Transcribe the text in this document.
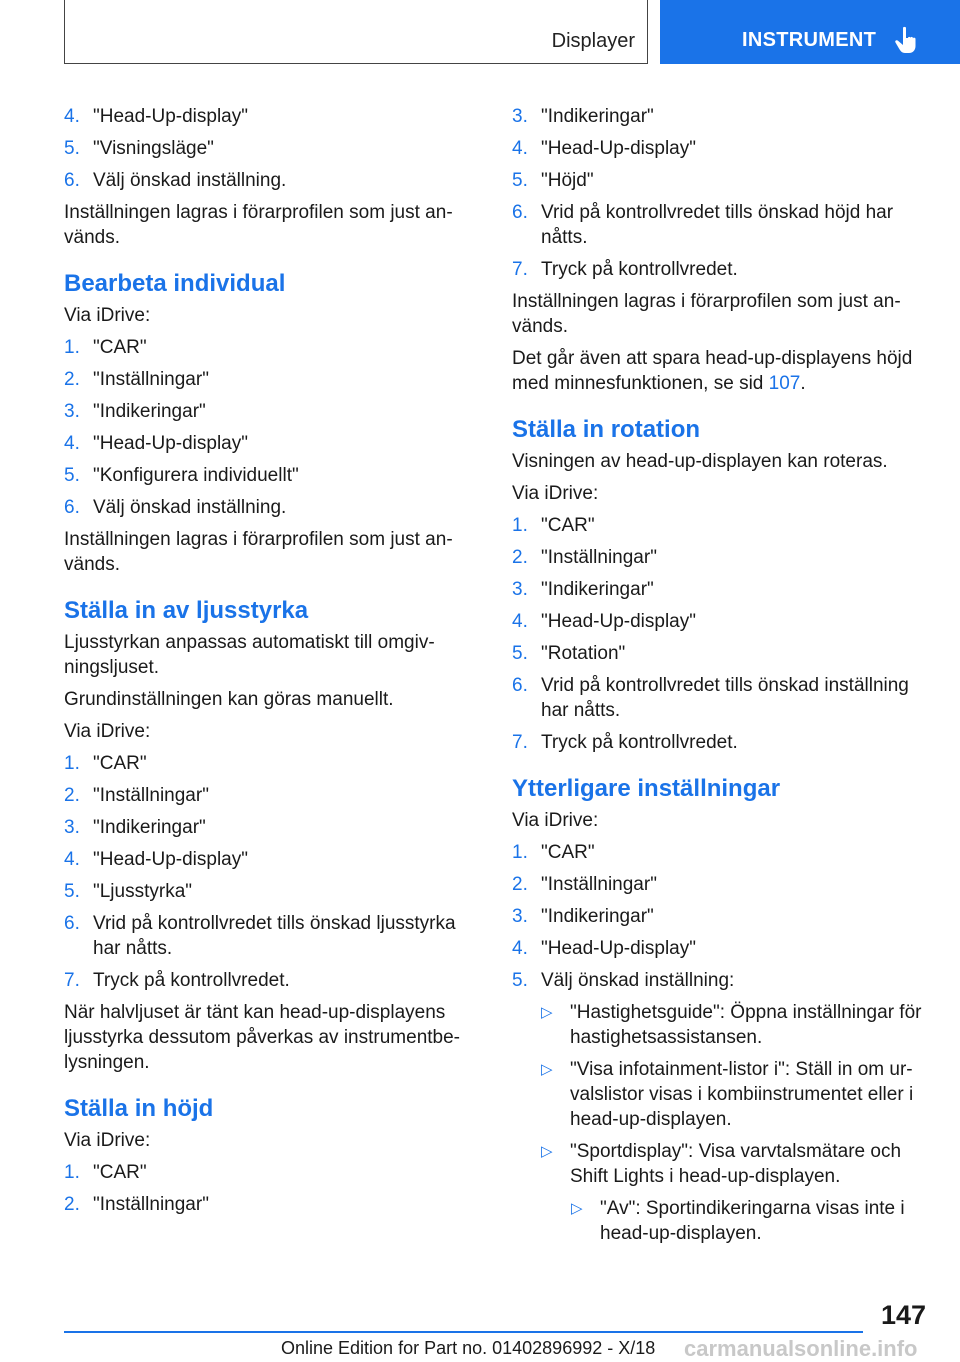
Displayer	INSTRUMENT
4. "Head-Up-display"
5. "Visningsläge"
6. Välj önskad inställning.

Inställningen lagras i förarprofilen som just används.

Bearbeta individual

Via iDrive:

1. "CAR"
2. "Inställningar"
3. "Indikeringar"
4. "Head-Up-display"
5. "Konfigurera individuellt"
6. Välj önskad inställning.

Inställningen lagras i förarprofilen som just används.

Ställa in av ljusstyrka

Ljusstyrkan anpassas automatiskt till omgivningsljuset.

Grundinställningen kan göras manuellt.

Via iDrive:

1. "CAR"
2. "Inställningar"
3. "Indikeringar"
4. "Head-Up-display"
5. "Ljusstyrka"
6. Vrid på kontrollvredet tills önskad ljusstyrka har nåtts.
7. Tryck på kontrollvredet.

När halvljuset är tänt kan head-up-displayens ljusstyrka dessutom påverkas av instrumentbelysningen.

Ställa in höjd

Via iDrive:

1. "CAR"
2. "Inställningar"
3. "Indikeringar"
4. "Head-Up-display"
5. "Höjd"
6. Vrid på kontrollvredet tills önskad höjd har nåtts.
7. Tryck på kontrollvredet.

Inställningen lagras i förarprofilen som just används.

Det går även att spara head-up-displayens höjd med minnesfunktionen, se sid 107.

Ställa in rotation

Visningen av head-up-displayen kan roteras.

Via iDrive:

1. "CAR"
2. "Inställningar"
3. "Indikeringar"
4. "Head-Up-display"
5. "Rotation"
6. Vrid på kontrollvredet tills önskad inställning har nåtts.
7. Tryck på kontrollvredet.
Ytterligare inställningar

Via iDrive:

1. "CAR"
2. "Inställningar"
3. "Indikeringar"
4. "Head-Up-display"
5. Välj önskad inställning:
▷ "Hastighetsguide": Öppna inställningar för hastighetsassistansen.
▷ "Visa infotainment-listor i": Ställ in om urvalslistor visas i kombiinstrumentet eller i head-up-displayen.
▷ "Sportdisplay": Visa varvtalsmätare och Shift Lights i head-up-displayen.
▷ "Av": Sportindikeringarna visas inte i head-up-displayen.
147
Online Edition for Part no. 01402896992 - X/18 carmanualsonline.info
